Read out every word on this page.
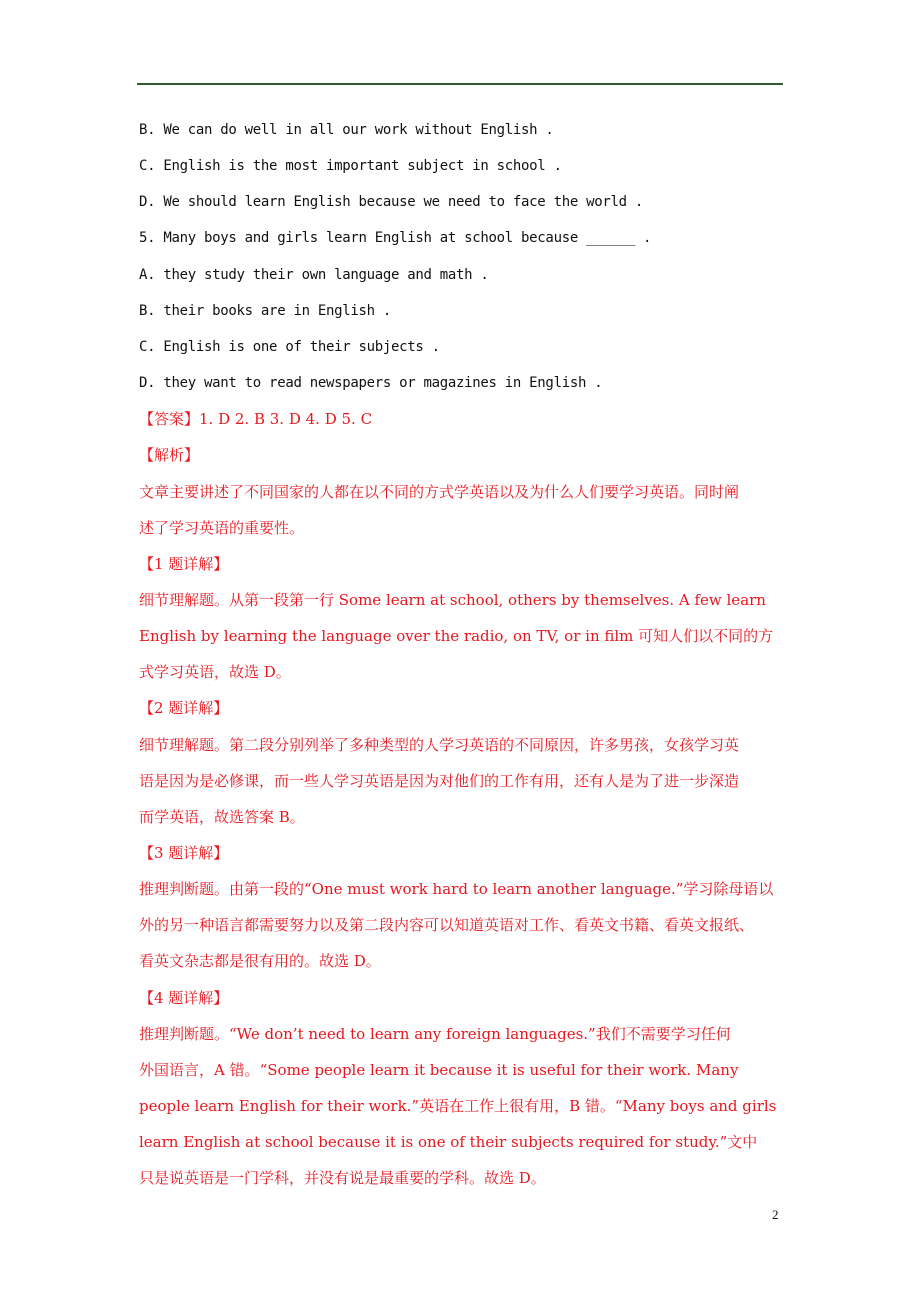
B. We can do well in all our work without English .
C. English is the most important subject in school .
D. We should learn English because we need to face the world .
5. Many boys and girls learn English at school because ______ .
A. they study their own language and math .
B. their books are in English .
C. English is one of their subjects .
D. they want to read newspapers or magazines in English .
【答案】1. D 2. B 3. D 4. D 5. C
【解析】
文章主要讲述了不同国家的人都在以不同的方式学英语以及为什么人们要学习英语。同时阐
述了学习英语的重要性。
【1 题详解】
细节理解题。从第一段第一行 Some learn at school, others by themselves. A few learn
English by learning the language over the radio, on TV, or in film 可知人们以不同的方
式学习英语，故选 D。
【2 题详解】
细节理解题。第二段分别列举了多种类型的人学习英语的不同原因，许多男孩，女孩学习英
语是因为是必修课，而一些人学习英语是因为对他们的工作有用，还有人是为了进一步深造
而学英语，故选答案 B。
【3 题详解】
推理判断题。由第一段的“One must work hard to learn another language.”学习除母语以
外的另一种语言都需要努力以及第二段内容可以知道英语对工作、看英文书籍、看英文报纸、
看英文杂志都是很有用的。故选 D。
【4 题详解】
推理判断题。“We don’t need to learn any foreign languages.”我们不需要学习任何
外国语言，A 错。“Some people learn it because it is useful for their work. Many
people learn English for their work.”英语在工作上很有用，B 错。“Many boys and girls
learn English at school because it is one of their subjects required for study.”文中
只是说英语是一门学科，并没有说是最重要的学科。故选 D。
2
